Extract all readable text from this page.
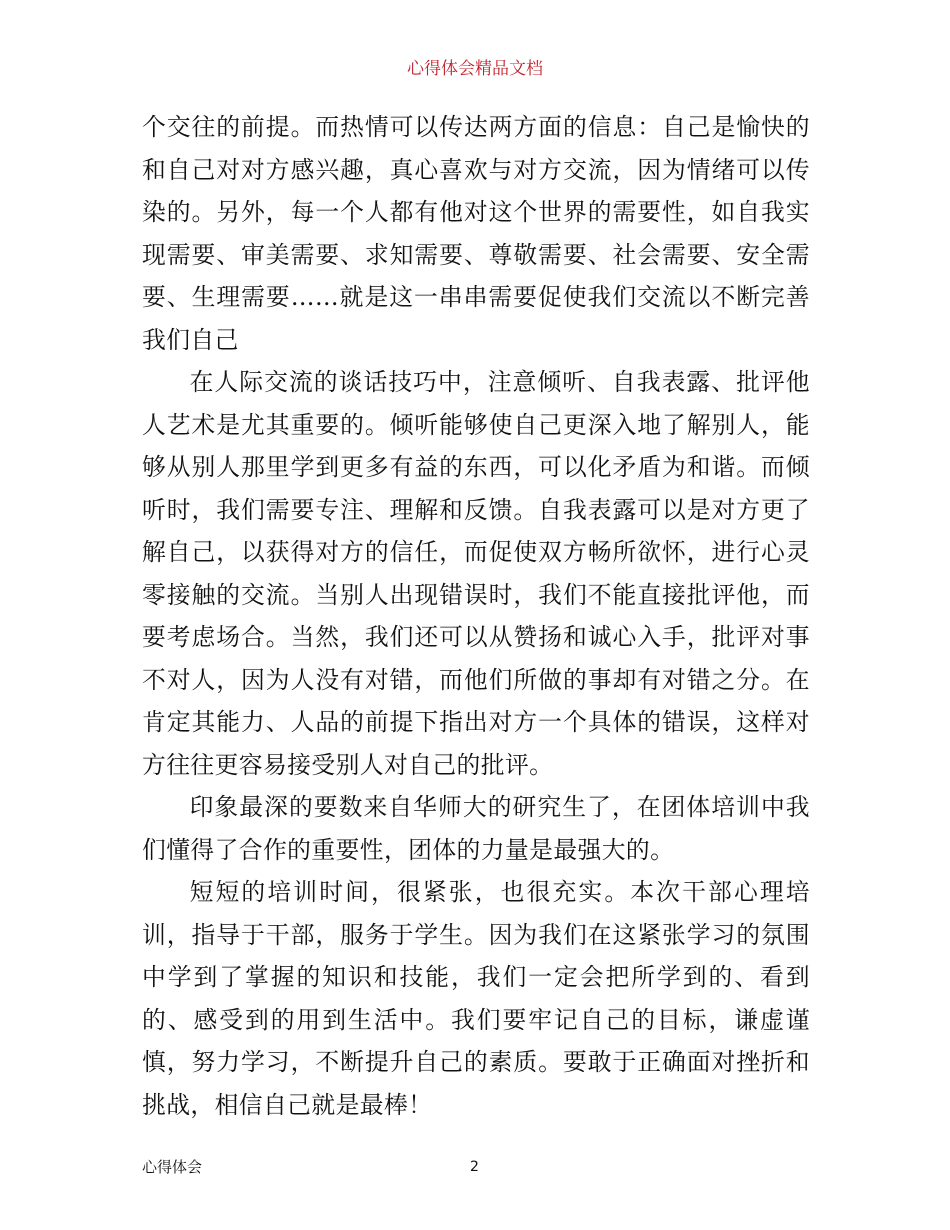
心得体会精品文档

个交往的前提。而热情可以传达两方面的信息：自己是愉快的和自己对对方感兴趣，真心喜欢与对方交流，因为情绪可以传染的。另外，每一个人都有他对这个世界的需要性，如自我实现需要、审美需要、求知需要、尊敬需要、社会需要、安全需要、生理需要……就是这一串串需要促使我们交流以不断完善我们自己

在人际交流的谈话技巧中，注意倾听、自我表露、批评他人艺术是尤其重要的。倾听能够使自己更深入地了解别人，能够从别人那里学到更多有益的东西，可以化矛盾为和谐。而倾听时，我们需要专注、理解和反馈。自我表露可以是对方更了解自己，以获得对方的信任，而促使双方畅所欲怀，进行心灵零接触的交流。当别人出现错误时，我们不能直接批评他，而要考虑场合。当然，我们还可以从赞扬和诚心入手，批评对事不对人，因为人没有对错，而他们所做的事却有对错之分。在肯定其能力、人品的前提下指出对方一个具体的错误，这样对方往往更容易接受别人对自己的批评。

印象最深的要数来自华师大的研究生了，在团体培训中我们懂得了合作的重要性，团体的力量是最强大的。

短短的培训时间，很紧张，也很充实。本次干部心理培训，指导于干部，服务于学生。因为我们在这紧张学习的氛围中学到了掌握的知识和技能，我们一定会把所学到的、看到的、感受到的用到生活中。我们要牢记自己的目标，谦虚谨慎，努力学习，不断提升自己的素质。要敢于正确面对挫折和挑战，相信自己就是最棒！

心得体会	2
